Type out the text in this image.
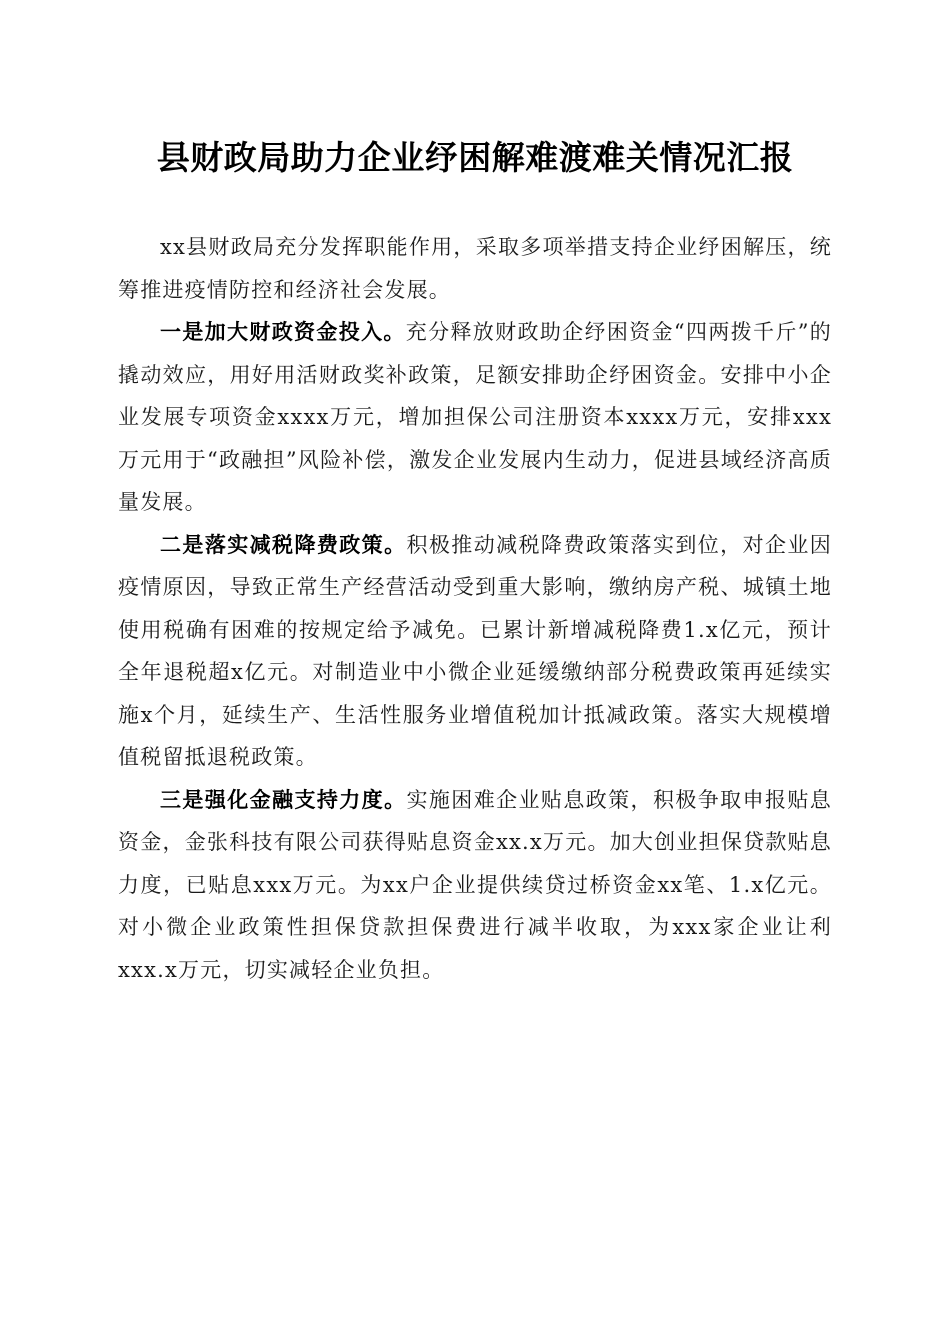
县财政局助力企业纾困解难渡难关情况汇报

xx县财政局充分发挥职能作用，采取多项举措支持企业纾困解压，统筹推进疫情防控和经济社会发展。

一是加大财政资金投入。充分释放财政助企纾困资金“四两拨千斤”的撬动效应，用好用活财政奖补政策，足额安排助企纾困资金。安排中小企业发展专项资金xxxx万元，增加担保公司注册资本xxxx万元，安排xxx万元用于“政融担”风险补偿，激发企业发展内生动力，促进县域经济高质量发展。

二是落实减税降费政策。积极推动减税降费政策落实到位，对企业因疫情原因，导致正常生产经营活动受到重大影响，缴纳房产税、城镇土地使用税确有困难的按规定给予减免。已累计新增减税降费1.x亿元，预计全年退税超x亿元。对制造业中小微企业延缓缴纳部分税费政策再延续实施x个月，延续生产、生活性服务业增值税加计抵减政策。落实大规模增值税留抵退税政策。

三是强化金融支持力度。实施困难企业贴息政策，积极争取申报贴息资金，金张科技有限公司获得贴息资金xx.x万元。加大创业担保贷款贴息力度，已贴息xxx万元。为xx户企业提供续贷过桥资金xx笔、1.x亿元。对小微企业政策性担保贷款担保费进行减半收取，为xxx家企业让利xxx.x万元，切实减轻企业负担。
